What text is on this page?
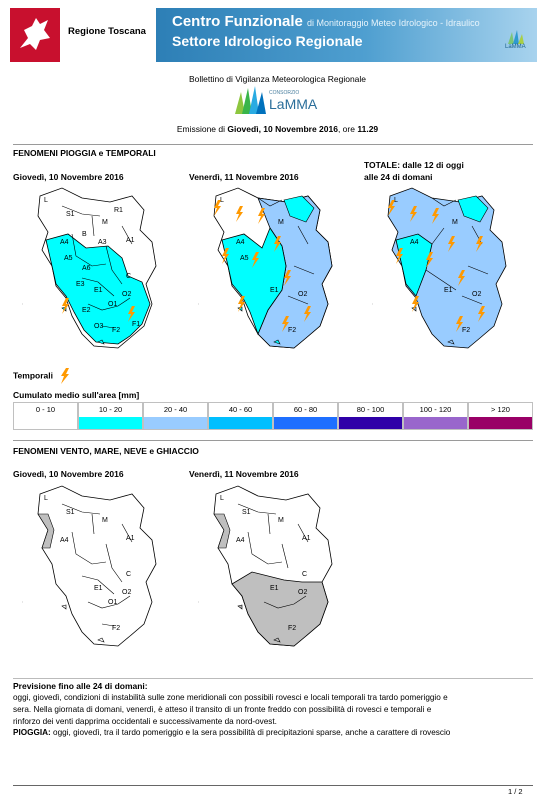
Regione Toscana
Centro Funzionale di Monitoraggio Meteo Idrologico - Idraulico
Settore Idrologico Regionale	LaMMA
Bollettino di Vigilanza Meteorologica Regionale
CONSORZIO
LaMMA
Emissione di Giovedì, 10 Novembre 2016, ore 11.29
FENOMENI PIOGGIA e TEMPORALI
Giovedì, 10 Novembre 2016	Venerdì, 11 Novembre 2016
TOTALE: dalle 12 di oggi
alle 24 di domani
L
S1
M
R1
A3
B
A4	A1
A5
A6
C
E3
E1
O1
O2
E2
F1
F2
O3
L
M
A4
A5
E1
O2
F2
L
M
A4
E1
O2
F2
Temporali
Cumulato medio sull'area [mm]
0 - 10	10 - 20	20 - 40	40 - 60	60 - 80	80 - 100	100 - 120	> 120
FENOMENI VENTO, MARE, NEVE e GHIACCIO
Giovedì, 10 Novembre 2016	Venerdì, 11 Novembre 2016
L
S1
M
A4	A1
C
E1
O1
O2
F2
L
S1
M
A4	A1
C
E1
O2
F2
Previsione fino alle 24 di domani:
oggi, giovedì, condizioni di instabilità sulle zone meridionali con possibili rovesci e locali temporali tra tardo pomeriggio e
sera. Nella giornata di domani, venerdì, è atteso il transito di un fronte freddo con possibilità di rovesci e temporali e
rinforzo dei venti dapprima occidentali e successivamente da nord-ovest.
PIOGGIA: oggi, giovedì, tra il tardo pomeriggio e la sera possibilità di precipitazioni sparse, anche a carattere di rovescio
1 / 2
